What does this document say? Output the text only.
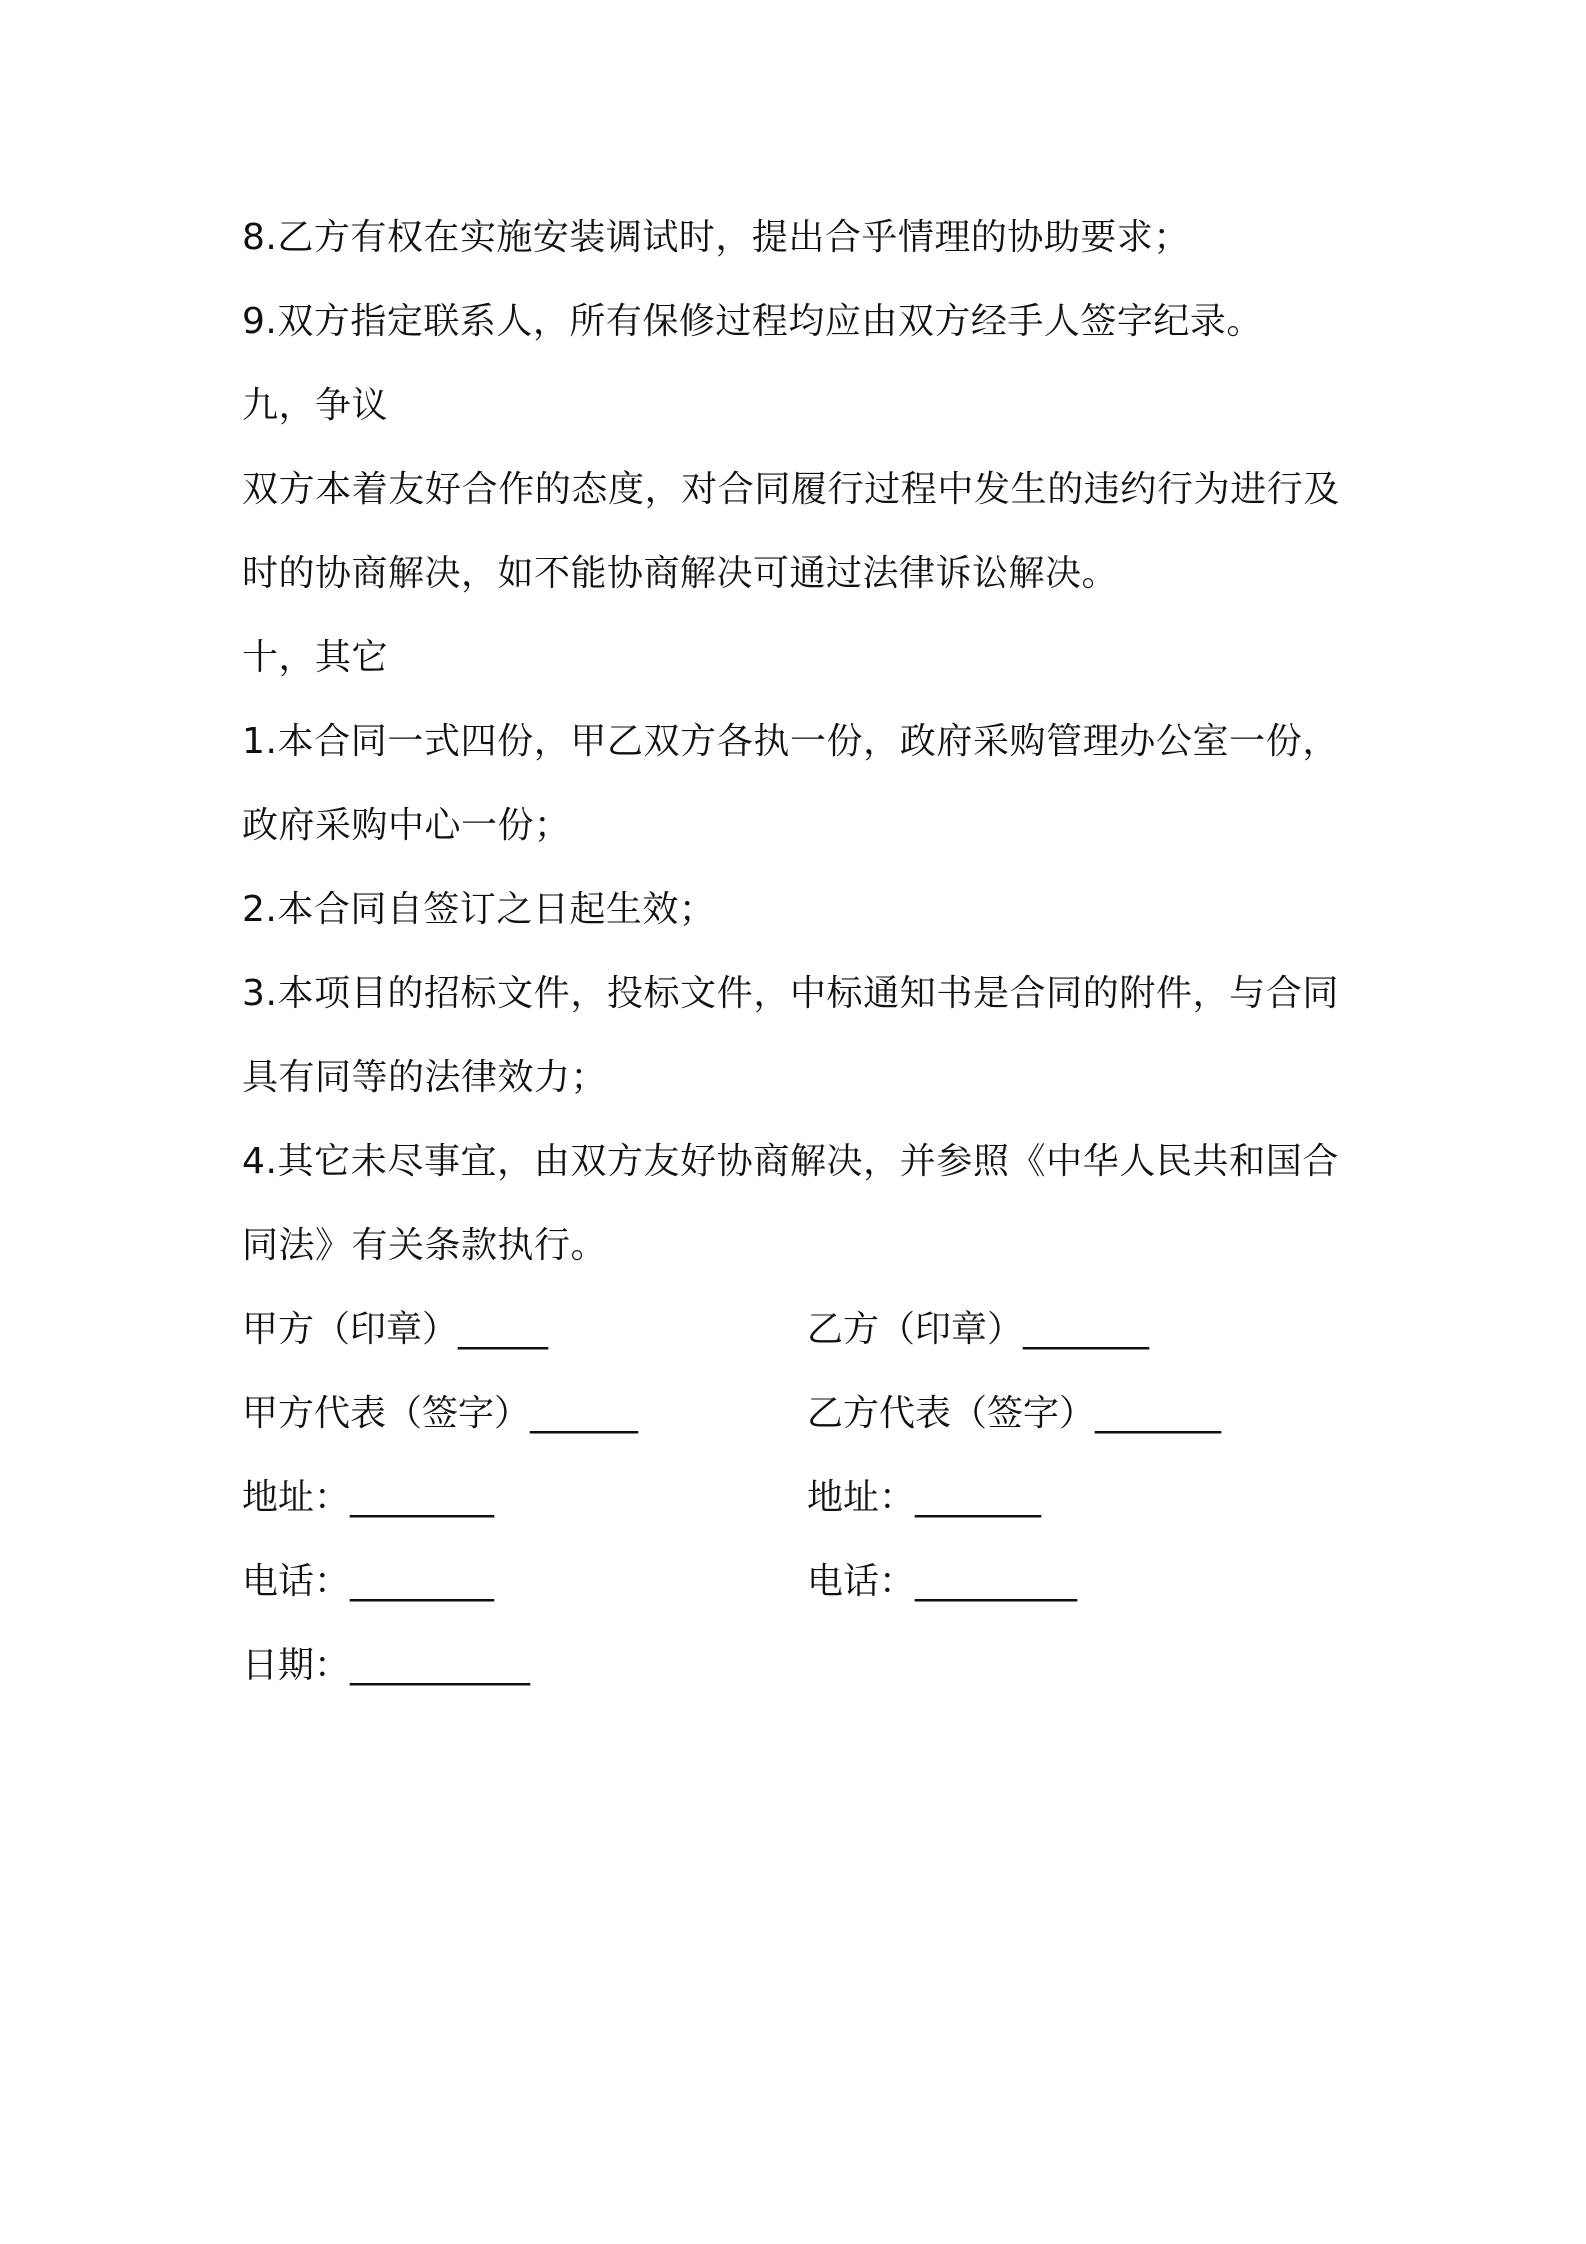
8.乙方有权在实施安装调试时，提出合乎情理的协助要求；
9.双方指定联系人，所有保修过程均应由双方经手人签字纪录。
九，争议
双方本着友好合作的态度，对合同履行过程中发生的违约行为进行及
时的协商解决，如不能协商解决可通过法律诉讼解决。
十，其它
1.本合同一式四份，甲乙双方各执一份，政府采购管理办公室一份，
政府采购中心一份；
2.本合同自签订之日起生效；
3.本项目的招标文件，投标文件，中标通知书是合同的附件，与合同
具有同等的法律效力；
4.其它未尽事宜，由双方友好协商解决，并参照《中华人民共和国合
同法》有关条款执行。
甲方（印章）_____	乙方（印章）_______
甲方代表（签字）______	乙方代表（签字）_______
地址：________	地址：_______
电话：________	电话：_________
日期：__________
